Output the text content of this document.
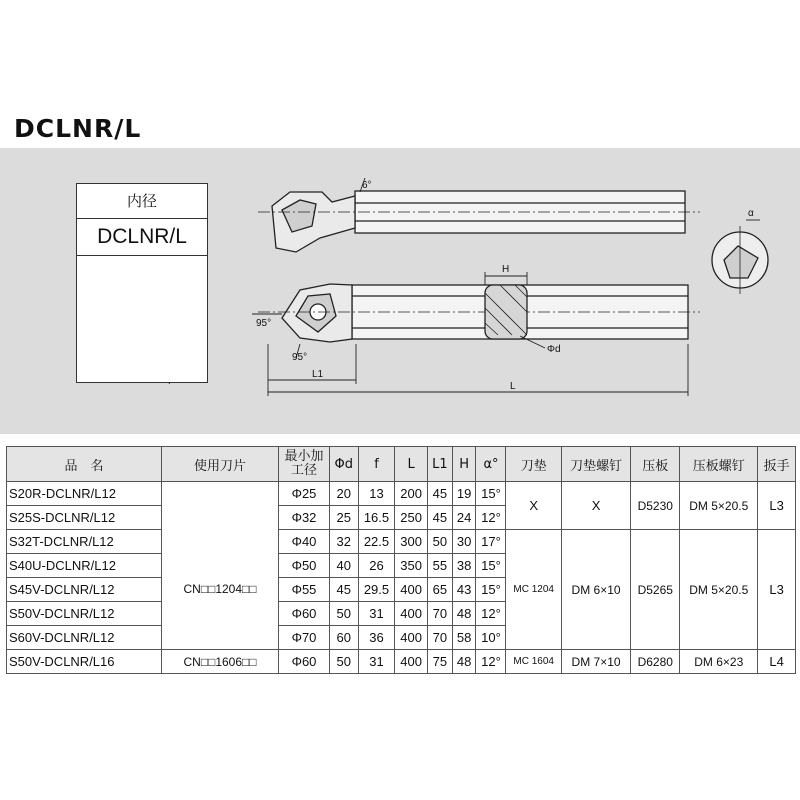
DCLNR/L
6°
α
95°
95°
H
Φd
L1
L
内径
DCLNR/L
品　名	使用刀片	最小加工径	Φd	f	L	L1	H	α°	刀垫	刀垫螺钉	压板	压板螺钉	扳手
S20R-DCLNR/L12	CN□□1204□□	Φ25	20	13	200	45	19	15°	X	X	D5230	DM 5×20.5	L3
S25S-DCLNR/L12		Φ32	25	16.5	250	45	24	12°					
S32T-DCLNR/L12		Φ40	32	22.5	300	50	30	17°	MC 1204	DM 6×10	D5265	DM 5×20.5	L3
S40U-DCLNR/L12		Φ50	40	26	350	55	38	15°					
S45V-DCLNR/L12		Φ55	45	29.5	400	65	43	15°					
S50V-DCLNR/L12		Φ60	50	31	400	70	48	12°					
S60V-DCLNR/L12		Φ70	60	36	400	70	58	10°					
S50V-DCLNR/L16	CN□□1606□□	Φ60	50	31	400	75	48	12°	MC 1604	DM 7×10	D6280	DM 6×23	L4
